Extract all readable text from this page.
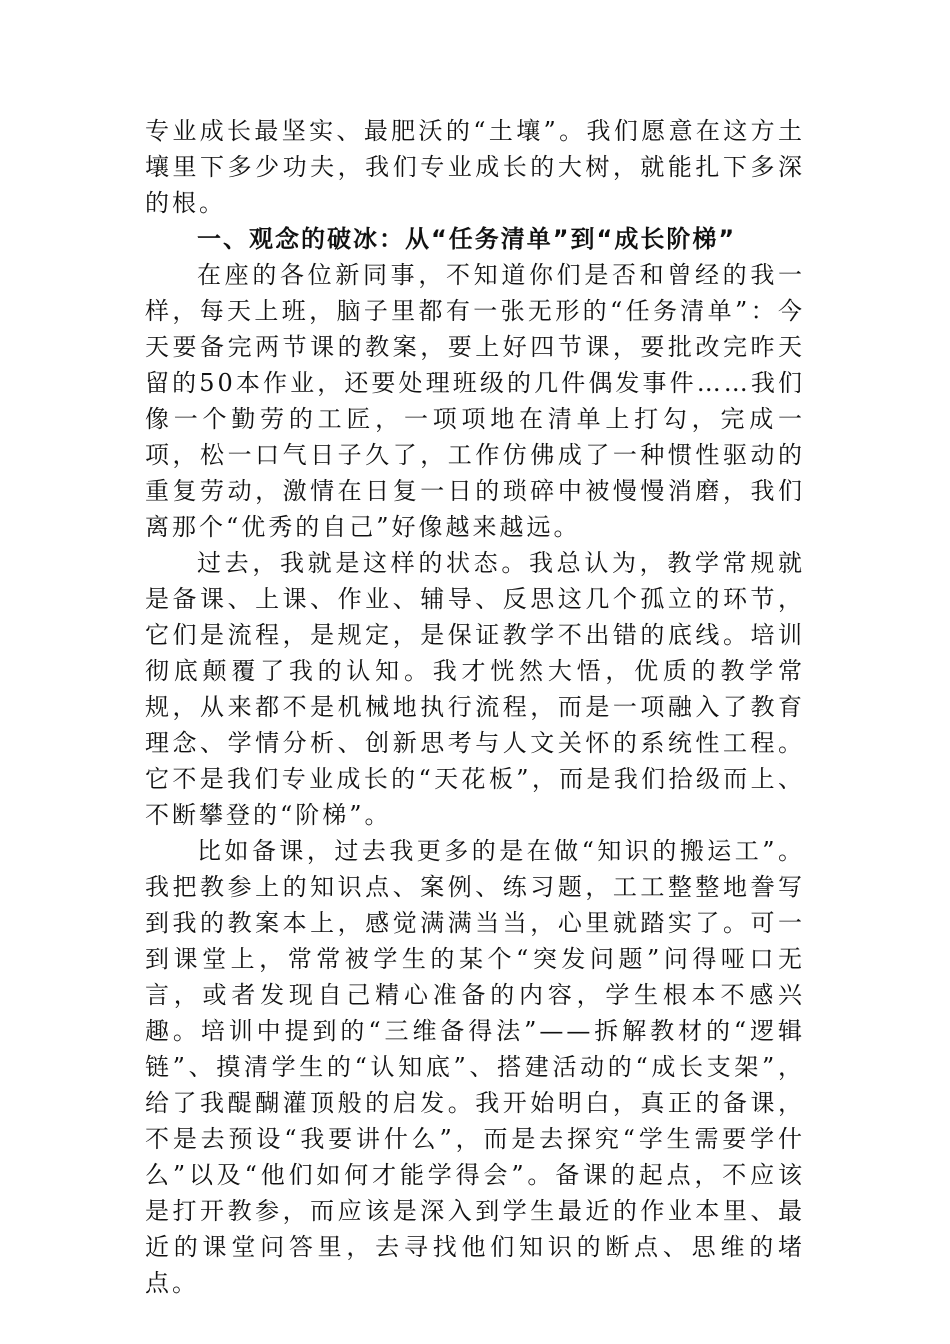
专业成长最坚实、最肥沃的“土壤”。我们愿意在这方土壤里下多少功夫，我们专业成长的大树，就能扎下多深的根。

一、观念的破冰：从“任务清单”到“成长阶梯”

在座的各位新同事，不知道你们是否和曾经的我一样，每天上班，脑子里都有一张无形的“任务清单”：今天要备完两节课的教案，要上好四节课，要批改完昨天留的50本作业，还要处理班级的几件偶发事件……我们像一个勤劳的工匠，一项项地在清单上打勾，完成一项，松一口气日子久了，工作仿佛成了一种惯性驱动的重复劳动，激情在日复一日的琐碎中被慢慢消磨，我们离那个“优秀的自己”好像越来越远。

过去，我就是这样的状态。我总认为，教学常规就是备课、上课、作业、辅导、反思这几个孤立的环节，它们是流程，是规定，是保证教学不出错的底线。培训彻底颠覆了我的认知。我才恍然大悟，优质的教学常规，从来都不是机械地执行流程，而是一项融入了教育理念、学情分析、创新思考与人文关怀的系统性工程。它不是我们专业成长的“天花板”，而是我们拾级而上、不断攀登的“阶梯”。

比如备课，过去我更多的是在做“知识的搬运工”。我把教参上的知识点、案例、练习题，工工整整地誊写到我的教案本上，感觉满满当当，心里就踏实了。可一到课堂上，常常被学生的某个“突发问题”问得哑口无言，或者发现自己精心准备的内容，学生根本不感兴趣。培训中提到的“三维备得法”——拆解教材的“逻辑链”、摸清学生的“认知底”、搭建活动的“成长支架”，给了我醍醐灌顶般的启发。我开始明白，真正的备课，不是去预设“我要讲什么”，而是去探究“学生需要学什么”以及“他们如何才能学得会”。备课的起点，不应该是打开教参，而应该是深入到学生最近的作业本里、最近的课堂问答里，去寻找他们知识的断点、思维的堵点。
